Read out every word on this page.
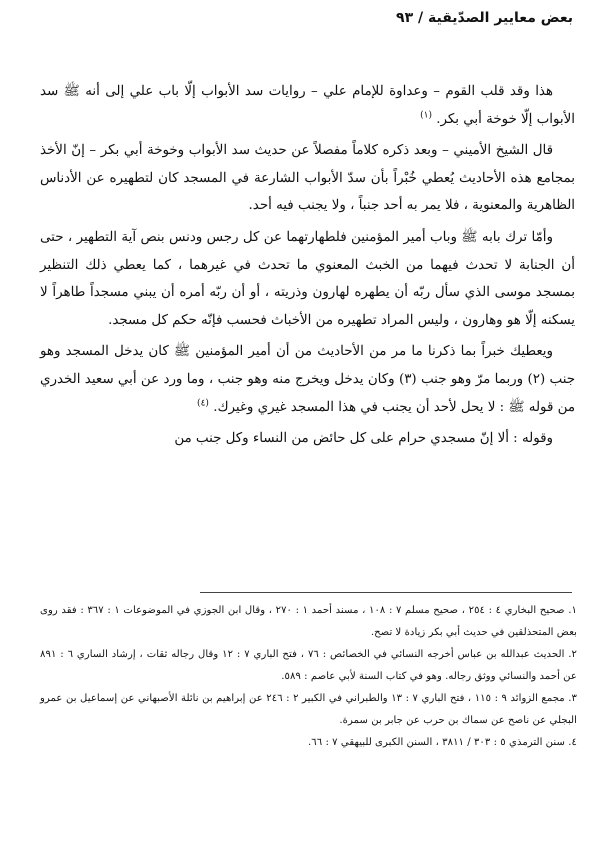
بعض معايير الصدّيقية / ٩٣

هذا وقد قلب القوم – وعداوة للإمام علي – روايات سد الأبواب إلّا باب علي إلى أنه ﷺ سد الأبواب إلّا خوخة أبي بكر. $^{(١)}$

قال الشيخ الأميني – وبعد ذكره كلاماً مفصلاً عن حديث سد الأبواب وخوخة أبي بكر – إنّ الأخذ بمجامع هذه الأحاديث يُعطي خُبْراً بأن سدّ الأبواب الشارعة في المسجد كان لتطهيره عن الأدناس الظاهرية والمعنوية ، فلا يمر به أحد جنباً ، ولا يجنب فيه أحد.

وأمّا ترك بابه ﷺ وباب أمير المؤمنين فلطهارتهما عن كل رجس ودنس بنص آية التطهير ، حتى أن الجنابة لا تحدث فيهما من الخبث المعنوي ما تحدث في غيرهما ، كما يعطي ذلك التنظير بمسجد موسى الذي سأل ربّه أن يطهره لهارون وذريته ، أو أن ربّه أمره أن يبني مسجداً طاهراً لا يسكنه إلّا هو وهارون ، وليس المراد تطهيره من الأخباث فحسب فإنّه حكم كل مسجد.

ويعطيك خبراً بما ذكرنا ما مر من الأحاديث من أن أمير المؤمنين ﷺ كان يدخل المسجد وهو جنب (٢) وربما مرّ وهو جنب (٣) وكان يدخل ويخرج منه وهو جنب ، وما ورد عن أبي سعيد الخدري من قوله ﷺ : لا يحل لأحد أن يجنب في هذا المسجد غيري وغيرك. $^{(٤)}$

وقوله : ألا إنّ مسجدي حرام على كل حائض من النساء وكل جنب من

١. صحيح البخاري ٤ : ٢٥٤ ، صحيح مسلم ٧ : ١٠٨ ، مسند أحمد ١ : ٢٧٠ ، وقال ابن الجوزي في الموضوعات ١ : ٣٦٧ : فقد روى بعض المتحذلقين في حديث أبي بكر زيادة لا تصح.

٢. الحديث عبدالله بن عباس أخرجه النسائي في الخصائص : ٧٦ ، فتح الباري ٧ : ١٢ وقال رجاله ثقات ، إرشاد الساري ٦ : ٨٩١ عن أحمد والنسائي ووثق رجاله. وهو في كتاب السنة لأبي عاصم : ٥٨٩.

٣. مجمع الزوائد ٩ : ١١٥ ، فتح الباري ٧ : ١٣ والطبراني في الكبير ٢ : ٢٤٦ عن إبراهيم بن نائلة الأصبهاني عن إسماعيل بن عمرو البجلي عن ناصح عن سماك بن حرب عن جابر بن سمرة.

٤. سنن الترمذي ٥ : ٣٠٣ / ٣٨١١ ، السنن الكبرى للبيهقي ٧ : ٦٦.
